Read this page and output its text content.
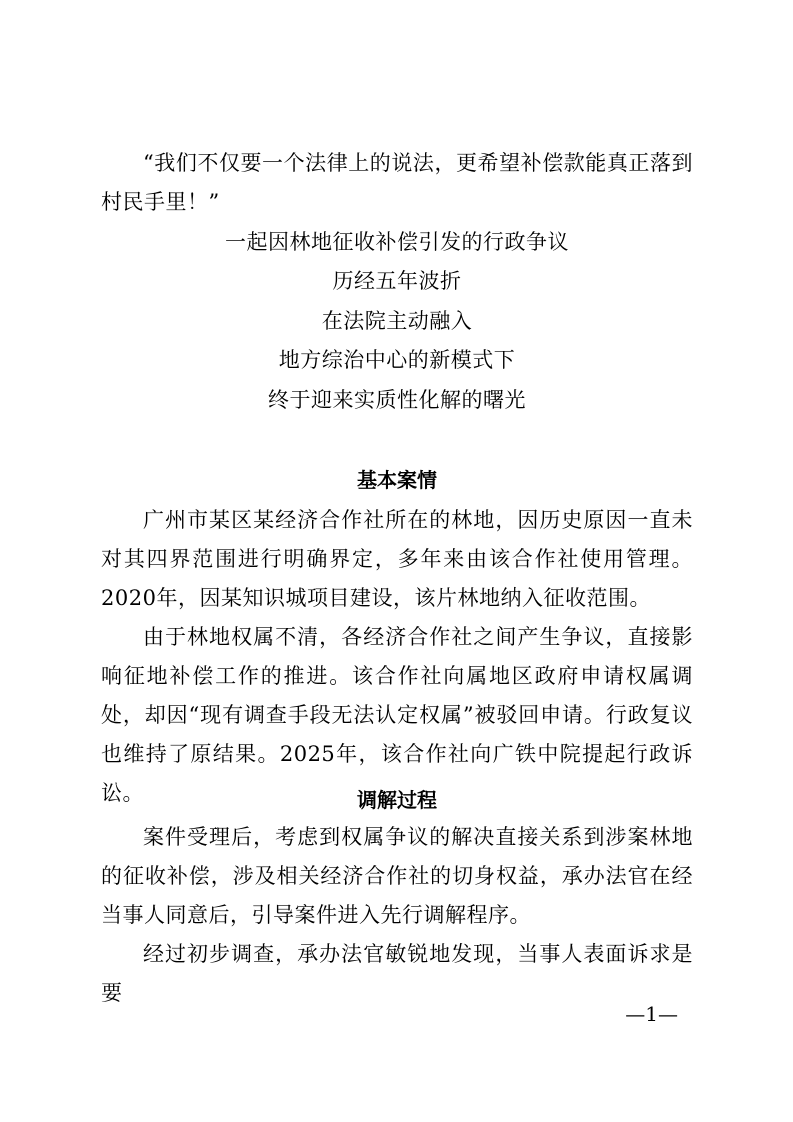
“我们不仅要一个法律上的说法，更希望补偿款能真正落到村民手里！”
一起因林地征收补偿引发的行政争议
历经五年波折
在法院主动融入
地方综治中心的新模式下
终于迎来实质性化解的曙光
基本案情
广州市某区某经济合作社所在的林地，因历史原因一直未对其四界范围进行明确界定，多年来由该合作社使用管理。2020年，因某知识城项目建设，该片林地纳入征收范围。
由于林地权属不清，各经济合作社之间产生争议，直接影响征地补偿工作的推进。该合作社向属地区政府申请权属调处，却因“现有调查手段无法认定权属”被驳回申请。行政复议也维持了原结果。2025年，该合作社向广铁中院提起行政诉讼。	调解过程
案件受理后，考虑到权属争议的解决直接关系到涉案林地的征收补偿，涉及相关经济合作社的切身权益，承办法官在经当事人同意后，引导案件进入先行调解程序。
经过初步调查，承办法官敏锐地发现，当事人表面诉求是要
—1—
